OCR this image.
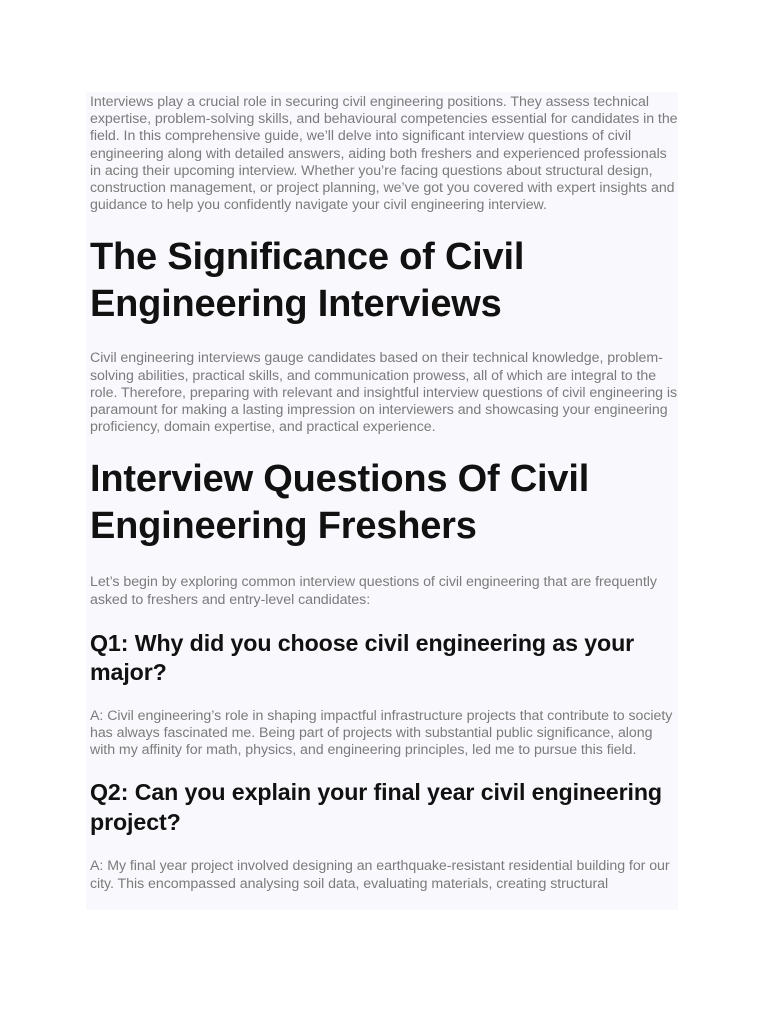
Interviews play a crucial role in securing civil engineering positions. They assess technical expertise, problem-solving skills, and behavioural competencies essential for candidates in the field. In this comprehensive guide, we’ll delve into significant interview questions of civil engineering along with detailed answers, aiding both freshers and experienced professionals in acing their upcoming interview. Whether you’re facing questions about structural design, construction management, or project planning, we’ve got you covered with expert insights and guidance to help you confidently navigate your civil engineering interview.

The Significance of Civil Engineering Interviews

Civil engineering interviews gauge candidates based on their technical knowledge, problem-solving abilities, practical skills, and communication prowess, all of which are integral to the role. Therefore, preparing with relevant and insightful interview questions of civil engineering is paramount for making a lasting impression on interviewers and showcasing your engineering proficiency, domain expertise, and practical experience.

Interview Questions Of Civil Engineering Freshers

Let’s begin by exploring common interview questions of civil engineering that are frequently asked to freshers and entry-level candidates:

Q1: Why did you choose civil engineering as your major?

A: Civil engineering’s role in shaping impactful infrastructure projects that contribute to society has always fascinated me. Being part of projects with substantial public significance, along with my affinity for math, physics, and engineering principles, led me to pursue this field.

Q2: Can you explain your final year civil engineering project?

A: My final year project involved designing an earthquake-resistant residential building for our city. This encompassed analysing soil data, evaluating materials, creating structural
